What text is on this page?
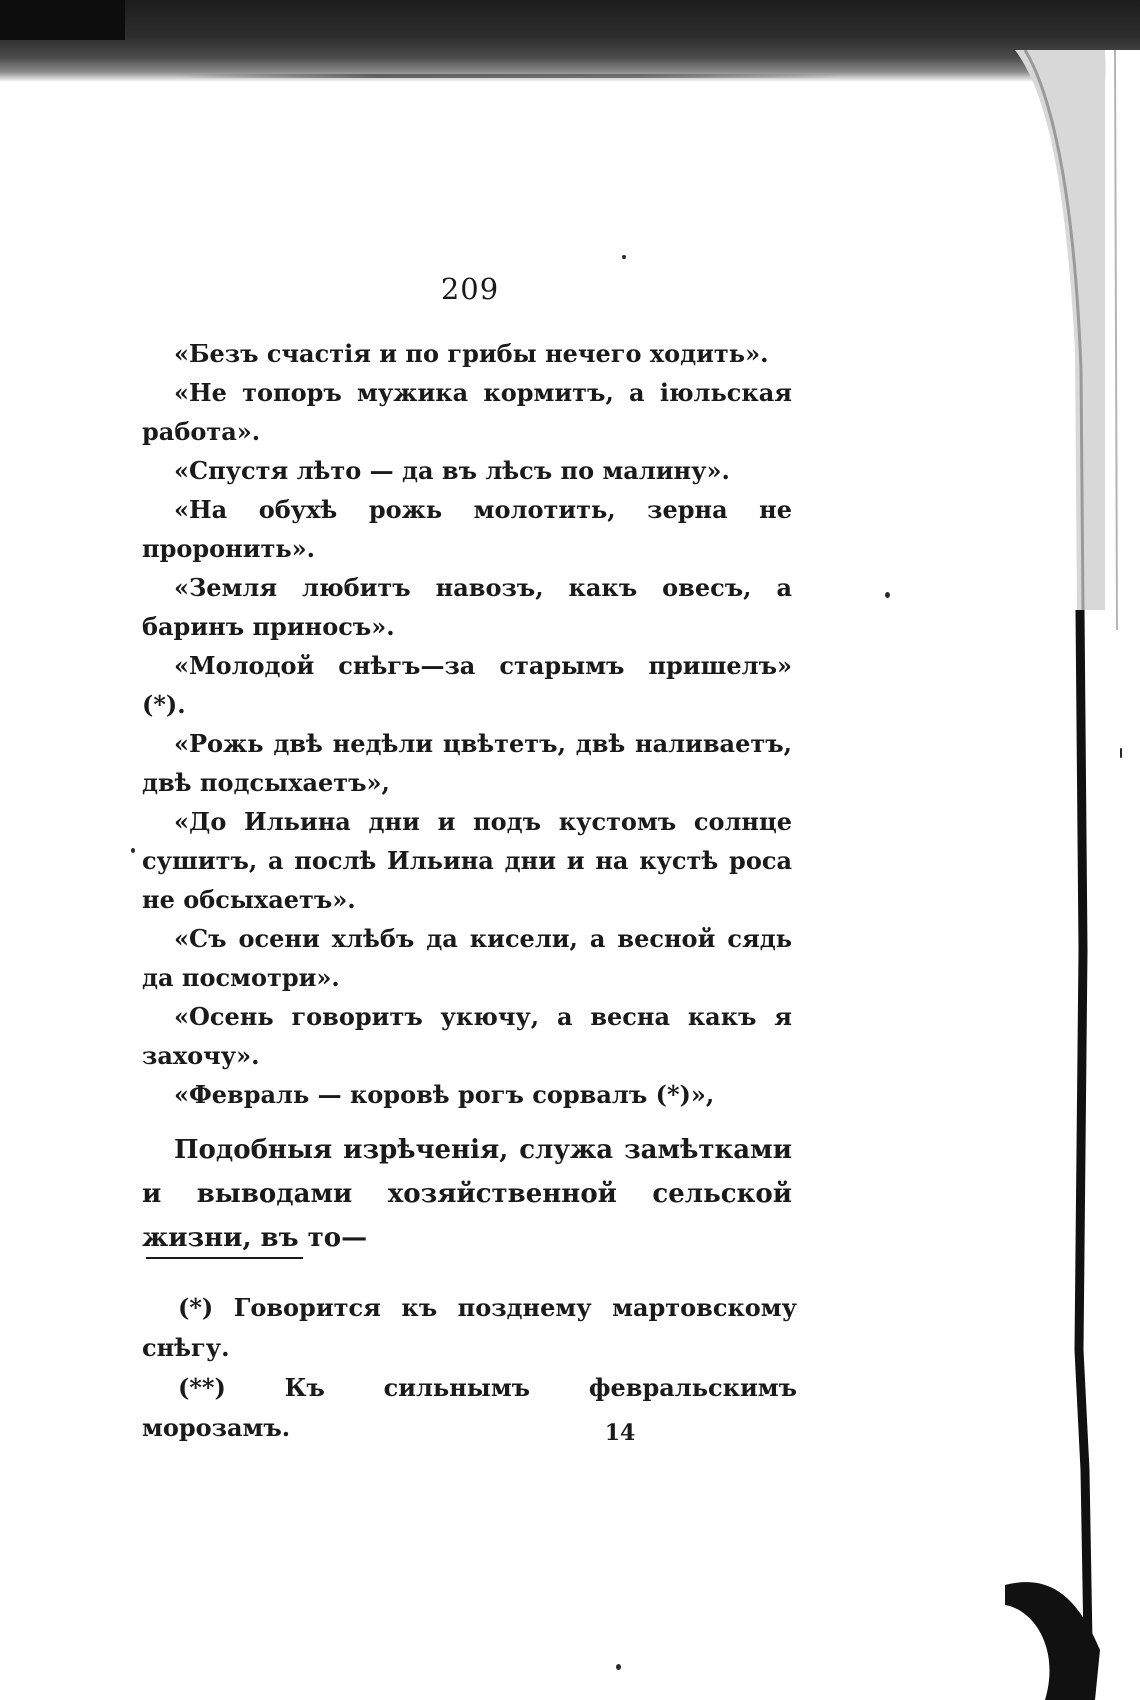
209

«Безъ счастія и по грибы нечего ходить».

«Не топоръ мужика кормитъ, а іюльская работа».

«Спустя лѣто — да въ лѣсъ по малину».

«На обухѣ рожь молотить, зерна не проронить».

«Земля любитъ навозъ, какъ овесъ, а баринъ приносъ».

«Молодой снѣгъ—за старымъ пришелъ» (*).

«Рожь двѣ недѣли цвѣтетъ, двѣ наливаетъ, двѣ подсыхаетъ»,

«До Ильина дни и подъ кустомъ солнце сушитъ, а послѣ Ильина дни и на кустѣ роса не обсыхаетъ».

«Съ осени хлѣбъ да кисели, а весной сядь да посмотри».

«Осень говоритъ укючу, а весна какъ я захочу».

«Февраль — коровѣ рогъ сорвалъ (*)»,

Подобныя изрѣченія, служа замѣтками и выводами хозяйственной сельской жизни, въ то—

(*) Говорится къ позднему мартовскому снѣгу.

(**) Къ сильнымъ февральскимъ морозамъ.	14
